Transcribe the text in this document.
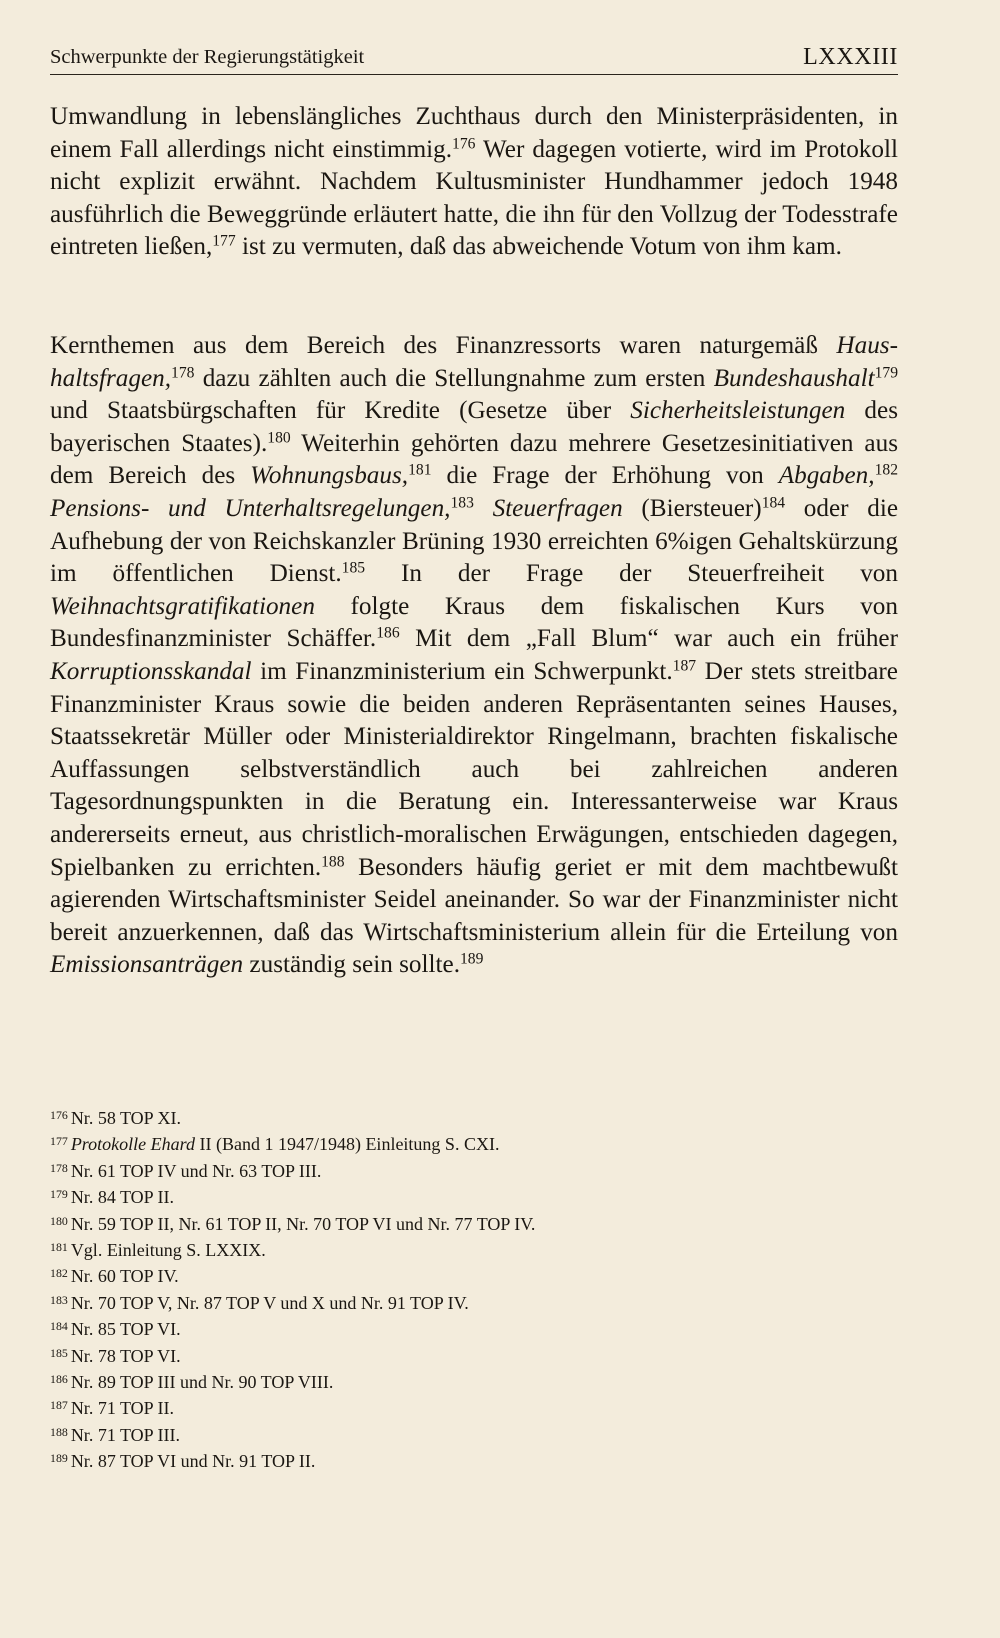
Schwerpunkte der Regierungstätigkeit	LXXXIII

Umwandlung in lebenslängliches Zuchthaus durch den Ministerpräsidenten, in einem Fall allerdings nicht einstimmig.$^{176}$ Wer dagegen votierte, wird im Protokoll nicht explizit erwähnt. Nachdem Kultusminister Hundhammer jedoch 1948 ausführlich die Beweggründe erläutert hatte, die ihn für den Vollzug der Todesstrafe eintreten ließen,$^{177}$ ist zu vermuten, daß das abweichende Votum von ihm kam.

Kernthemen aus dem Bereich des Finanzressorts waren naturgemäß Haushaltsfragen,$^{178}$ dazu zählten auch die Stellungnahme zum ersten Bundeshaushalt$^{179}$ und Staatsbürgschaften für Kredite (Gesetze über Sicherheitsleistungen des bayerischen Staates).$^{180}$ Weiterhin gehörten dazu mehrere Gesetzesinitiativen aus dem Bereich des Wohnungsbaus,$^{181}$ die Frage der Erhöhung von Abgaben,$^{182}$ Pensions- und Unterhaltsregelungen,$^{183}$ Steuerfragen (Biersteuer)$^{184}$ oder die Aufhebung der von Reichskanzler Brüning 1930 erreichten 6%igen Gehaltskürzung im öffentlichen Dienst.$^{185}$ In der Frage der Steuerfreiheit von Weihnachtsgratifikationen folgte Kraus dem fiskalischen Kurs von Bundesfinanzminister Schäffer.$^{186}$ Mit dem „Fall Blum“ war auch ein früher Korruptionsskandal im Finanzministerium ein Schwerpunkt.$^{187}$ Der stets streitbare Finanzminister Kraus sowie die beiden anderen Repräsentanten seines Hauses, Staatssekretär Müller oder Ministerialdirektor Ringelmann, brachten fiskalische Auffassungen selbstverständlich auch bei zahlreichen anderen Tagesordnungspunkten in die Beratung ein. Interessanterweise war Kraus andererseits erneut, aus christlich-moralischen Erwägungen, entschieden dagegen, Spielbanken zu errichten.$^{188}$ Besonders häufig geriet er mit dem machtbewußt agierenden Wirtschaftsminister Seidel aneinander. So war der Finanzminister nicht bereit anzuerkennen, daß das Wirtschaftsministerium allein für die Erteilung von Emissionsanträgen zuständig sein sollte.$^{189}$

$^{176}$ Nr. 58 TOP XI.
$^{177}$ Protokolle Ehard II (Band 1 1947/1948) Einleitung S. CXI.
$^{178}$ Nr. 61 TOP IV und Nr. 63 TOP III.
$^{179}$ Nr. 84 TOP II.
$^{180}$ Nr. 59 TOP II, Nr. 61 TOP II, Nr. 70 TOP VI und Nr. 77 TOP IV.
$^{181}$ Vgl. Einleitung S. LXXIX.
$^{182}$ Nr. 60 TOP IV.
$^{183}$ Nr. 70 TOP V, Nr. 87 TOP V und X und Nr. 91 TOP IV.
$^{184}$ Nr. 85 TOP VI.
$^{185}$ Nr. 78 TOP VI.
$^{186}$ Nr. 89 TOP III und Nr. 90 TOP VIII.
$^{187}$ Nr. 71 TOP II.
$^{188}$ Nr. 71 TOP III.
$^{189}$ Nr. 87 TOP VI und Nr. 91 TOP II.
